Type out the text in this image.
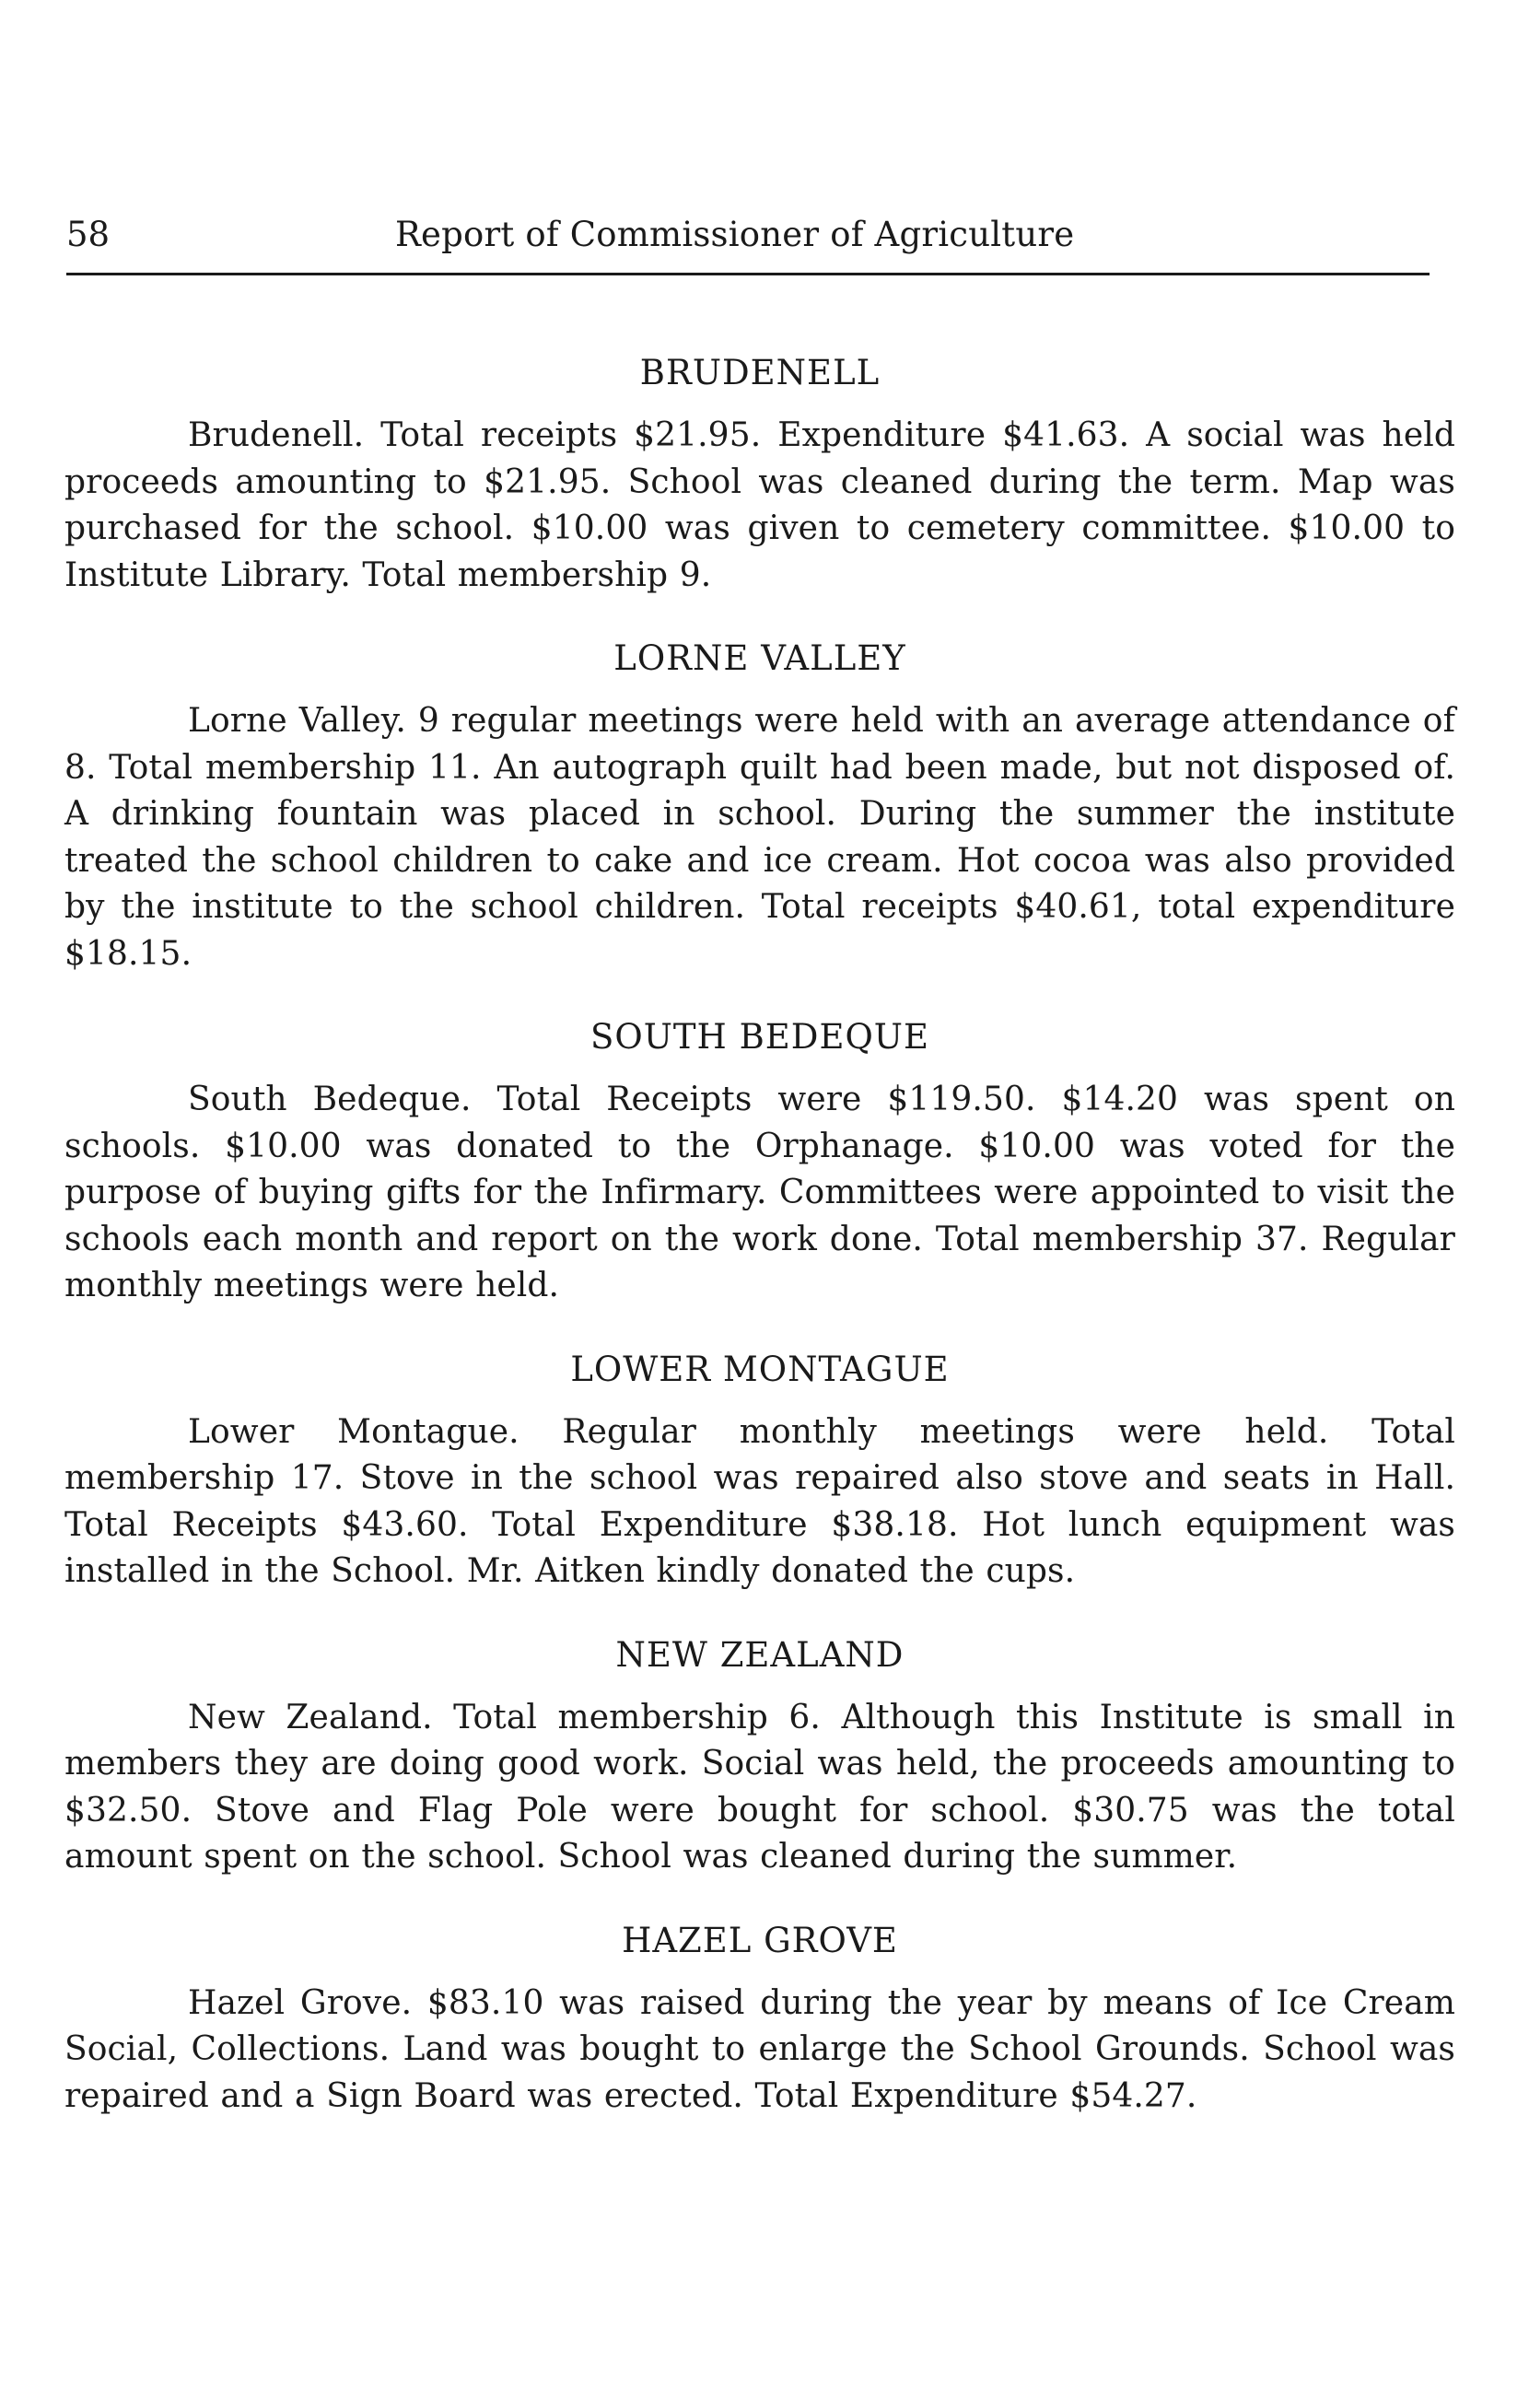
58	Report of Commissioner of Agriculture
BRUDENELL

Brudenell. Total receipts $21.95. Expenditure $41.63. A social was held proceeds amounting to $21.95. School was cleaned during the term. Map was purchased for the school. $10.00 was given to cemetery committee. $10.00 to Institute Library. Total membership 9.

LORNE VALLEY

Lorne Valley. 9 regular meetings were held with an average attendance of 8. Total membership 11. An autograph quilt had been made, but not disposed of. A drinking fountain was placed in school. During the summer the institute treated the school children to cake and ice cream. Hot cocoa was also provided by the institute to the school children. Total receipts $40.61, total expenditure $18.15.

SOUTH BEDEQUE

South Bedeque. Total Receipts were $119.50. $14.20 was spent on schools. $10.00 was donated to the Orphanage. $10.00 was voted for the purpose of buying gifts for the Infirmary. Committees were appointed to visit the schools each month and report on the work done. Total membership 37. Regular monthly meetings were held.

LOWER MONTAGUE

Lower Montague. Regular monthly meetings were held. Total membership 17. Stove in the school was repaired also stove and seats in Hall. Total Receipts $43.60. Total Expenditure $38.18. Hot lunch equipment was installed in the School. Mr. Aitken kindly donated the cups.

NEW ZEALAND

New Zealand. Total membership 6. Although this Institute is small in members they are doing good work. Social was held, the proceeds amounting to $32.50. Stove and Flag Pole were bought for school. $30.75 was the total amount spent on the school. School was cleaned during the summer.

HAZEL GROVE

Hazel Grove. $83.10 was raised during the year by means of Ice Cream Social, Collections. Land was bought to enlarge the School Grounds. School was repaired and a Sign Board was erected. Total Expenditure $54.27.
